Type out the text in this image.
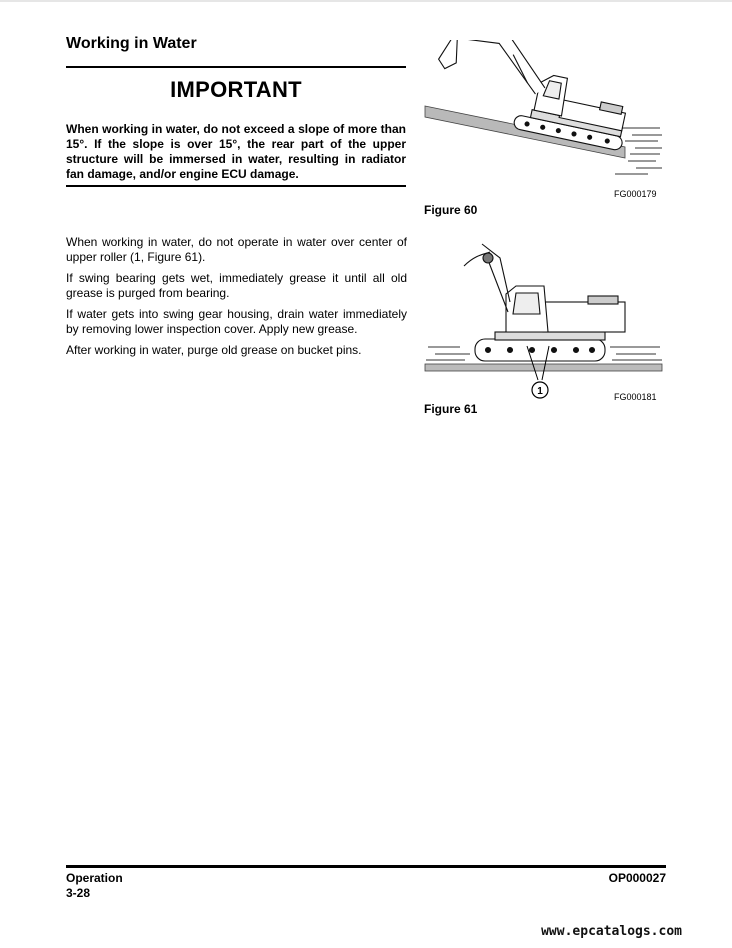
Working in Water
IMPORTANT
When working in water, do not exceed a slope of more than 15°. If the slope is over 15°, the rear part of the upper structure will be immersed in water, resulting in radiator fan damage, and/or engine ECU damage.

When working in water, do not operate in water over center of upper roller (1, Figure 61).

If swing bearing gets wet, immediately grease it until all old grease is purged from bearing.

If water gets into swing gear housing, drain water immediately by removing lower inspection cover. Apply new grease.

After working in water, purge old grease on bucket pins.

FG000179
Figure 60
1	FG000181
Figure 61
Operation
3-28
OP000027
www.epcatalogs.com
